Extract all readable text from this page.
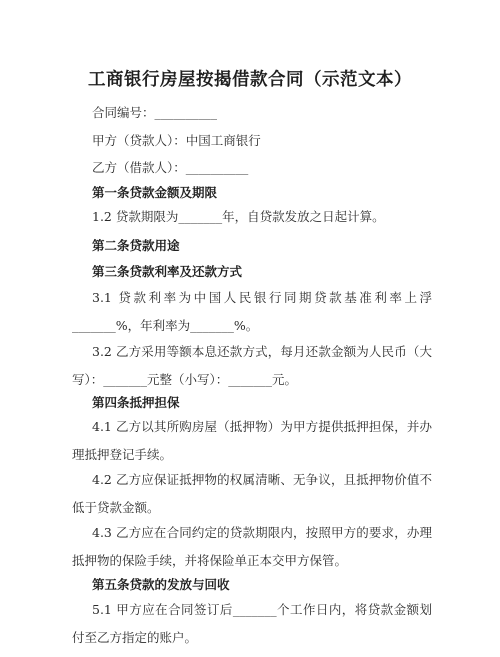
工商银行房屋按揭借款合同（示范文本）
合同编号：__________
甲方（贷款人）：中国工商银行
乙方（借款人）：__________
第一条贷款金额及期限
1.2 贷款期限为_______年，自贷款发放之日起计算。
第二条贷款用途
第三条贷款利率及还款方式
3.1 贷款利率为中国人民银行同期贷款基准利率上浮_______%，年利率为_______%。
3.2 乙方采用等额本息还款方式，每月还款金额为人民币（大写）：_______元整（小写）：_______元。
第四条抵押担保
4.1 乙方以其所购房屋（抵押物）为甲方提供抵押担保，并办理抵押登记手续。
4.2 乙方应保证抵押物的权属清晰、无争议，且抵押物价值不低于贷款金额。
4.3 乙方应在合同约定的贷款期限内，按照甲方的要求，办理抵押物的保险手续，并将保险单正本交甲方保管。
第五条贷款的发放与回收
5.1 甲方应在合同签订后_______个工作日内，将贷款金额划付至乙方指定的账户。
